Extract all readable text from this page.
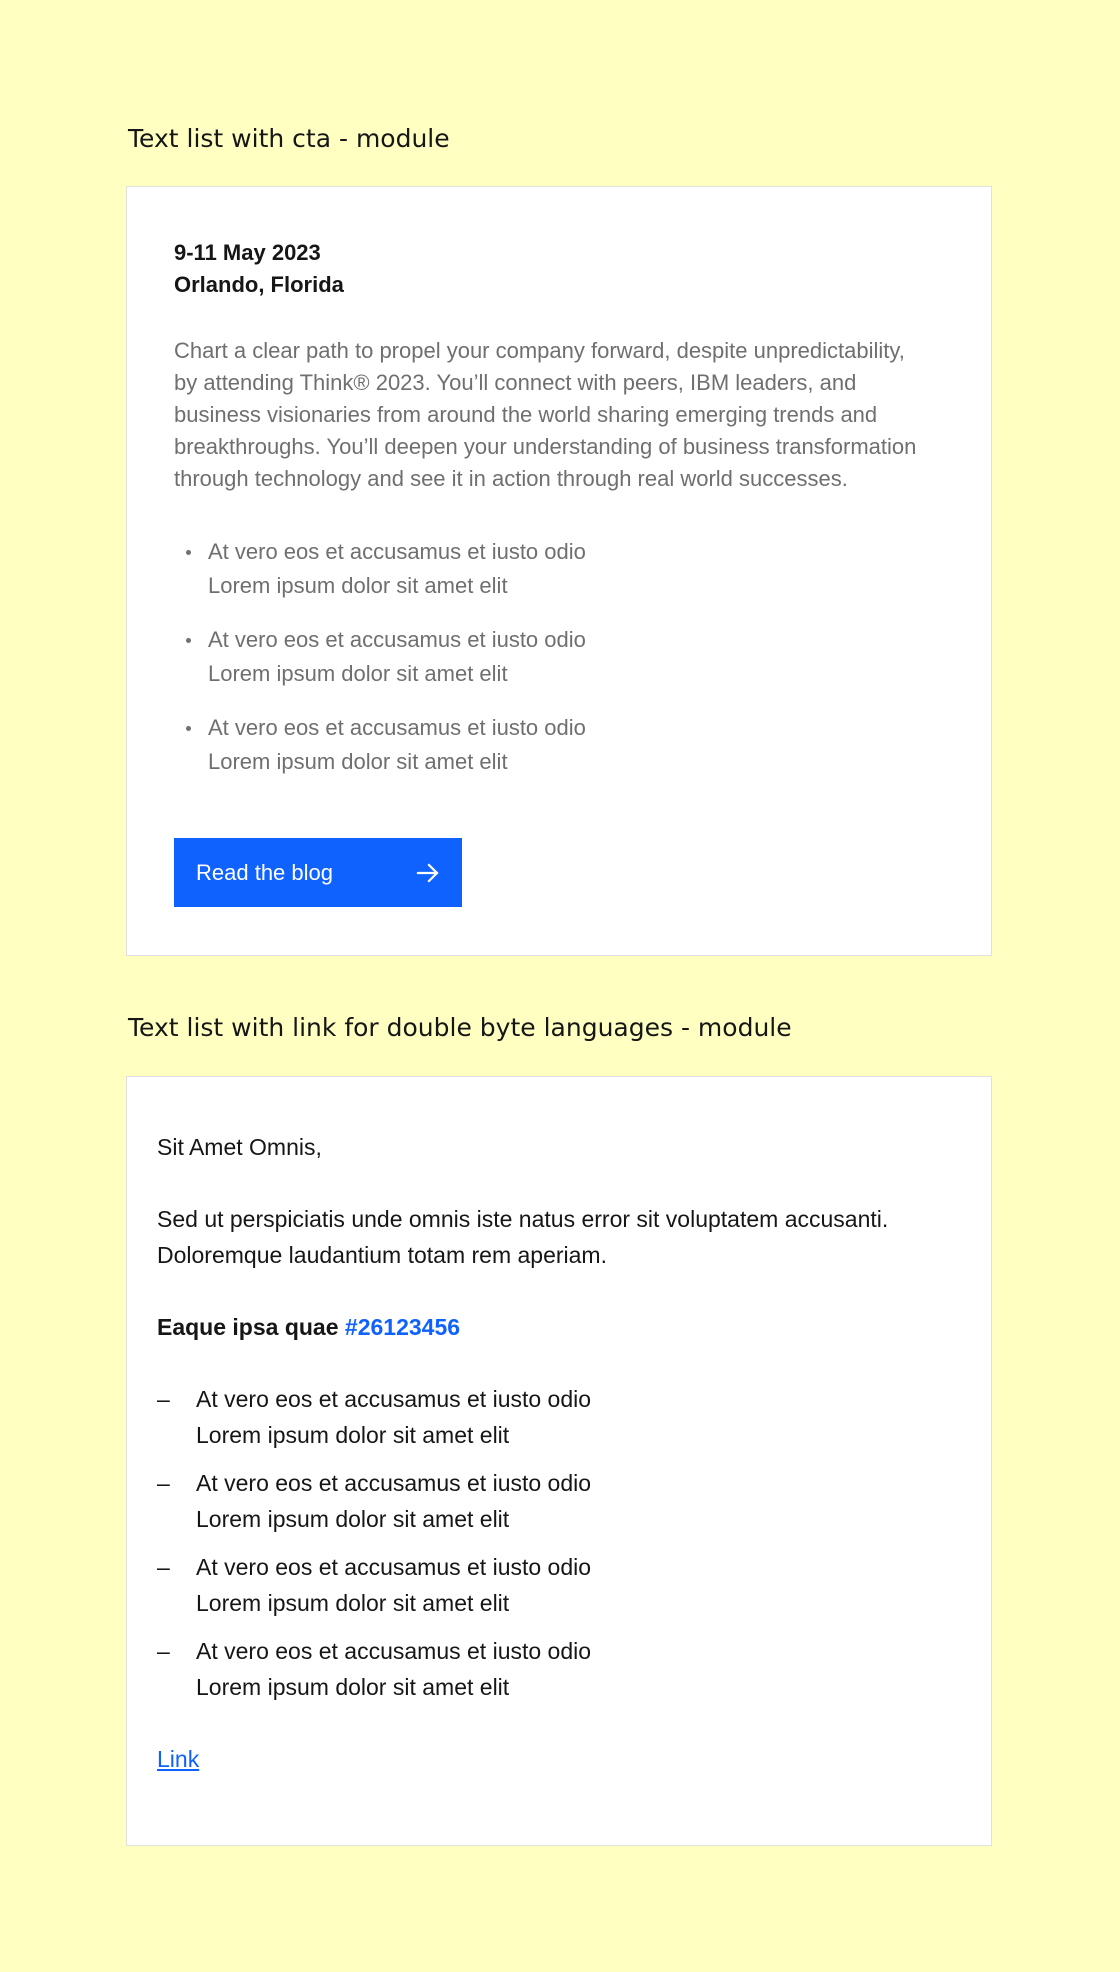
Text list with cta - module
9-11 May 2023
Orlando, Florida
Chart a clear path to propel your company forward, despite unpredictability, by attending Think® 2023. You’ll connect with peers, IBM leaders, and business visionaries from around the world sharing emerging trends and breakthroughs. You’ll deepen your understanding of business transformation through technology and see it in action through real world successes.
At vero eos et accusamus et iusto odio
Lorem ipsum dolor sit amet elit
At vero eos et accusamus et iusto odio
Lorem ipsum dolor sit amet elit
At vero eos et accusamus et iusto odio
Lorem ipsum dolor sit amet elit
Read the blog
Text list with link for double byte languages - module

Sit Amet Omnis,

Sed ut perspiciatis unde omnis iste natus error sit voluptatem accusanti. Doloremque laudantium totam rem aperiam.

Eaque ipsa quae #26123456

– At vero eos et accusamus et iusto odio
Lorem ipsum dolor sit amet elit
– At vero eos et accusamus et iusto odio
Lorem ipsum dolor sit amet elit
– At vero eos et accusamus et iusto odio
Lorem ipsum dolor sit amet elit
– At vero eos et accusamus et iusto odio
Lorem ipsum dolor sit amet elit
Link
